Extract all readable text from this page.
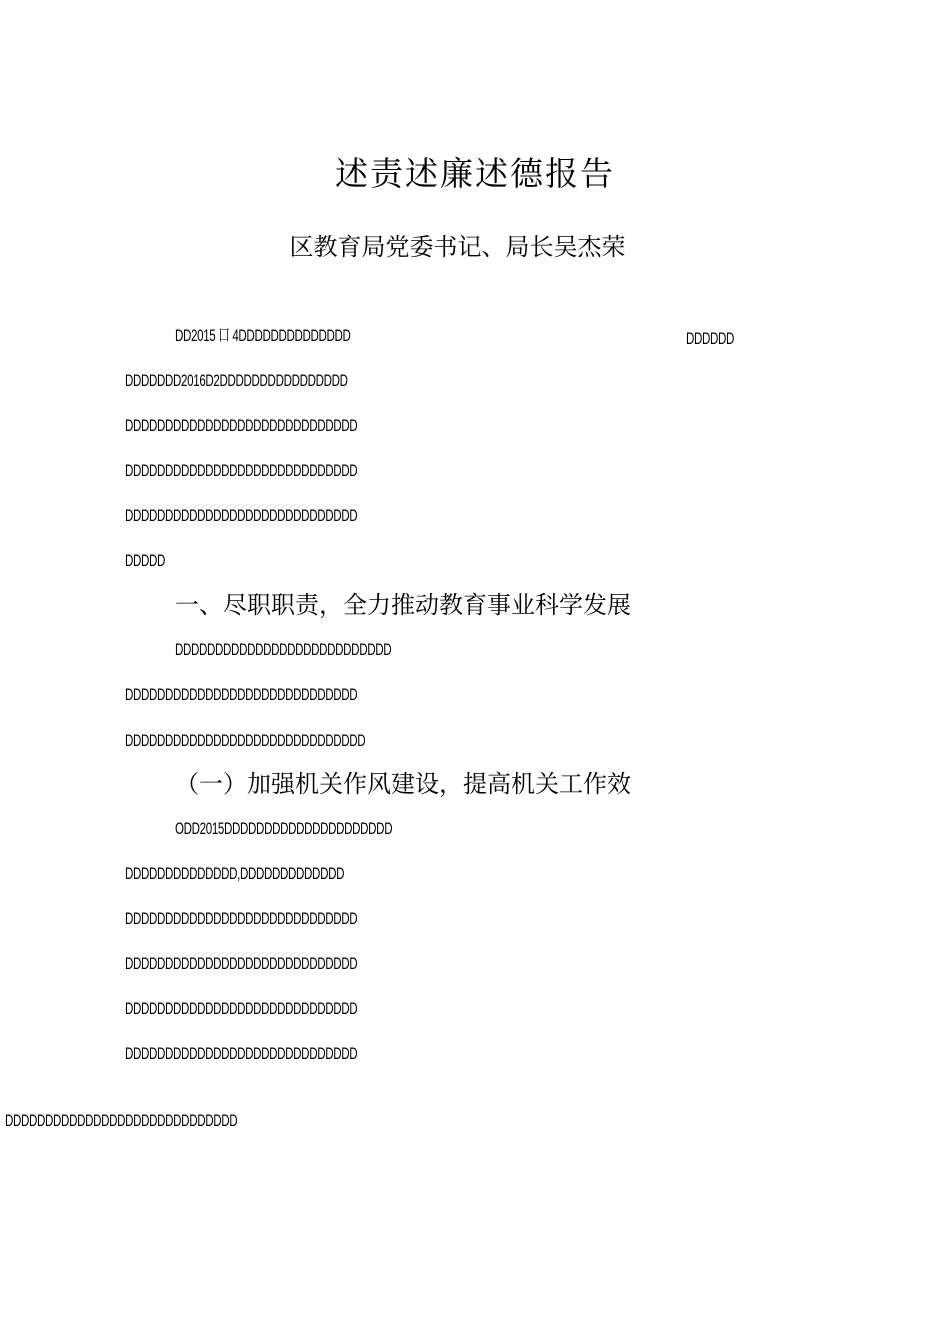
述责述廉述德报告
区教育局党委书记、局长吴杰荣
DD2015 口 4DDDDDDDDDDDDDD	DDDDDD
DDDDDDD2016D2DDDDDDDDDDDDDDDD
DDDDDDDDDDDDDDDDDDDDDDDDDDDDD
DDDDDDDDDDDDDDDDDDDDDDDDDDDDD
DDDDDDDDDDDDDDDDDDDDDDDDDDDDD
DDDDD
一、尽职职责，全力推动教育事业科学发展
DDDDDDDDDDDDDDDDDDDDDDDDDDD
DDDDDDDDDDDDDDDDDDDDDDDDDDDDD
DDDDDDDDDDDDDDDDDDDDDDDDDDDDDD
（一）加强机关作风建设，提高机关工作效
ODD2015DDDDDDDDDDDDDDDDDDDDD
DDDDDDDDDDDDDD,DDDDDDDDDDDDD
DDDDDDDDDDDDDDDDDDDDDDDDDDDDD
DDDDDDDDDDDDDDDDDDDDDDDDDDDDD
DDDDDDDDDDDDDDDDDDDDDDDDDDDDD
DDDDDDDDDDDDDDDDDDDDDDDDDDDDD
DDDDDDDDDDDDDDDDDDDDDDDDDDDDD
